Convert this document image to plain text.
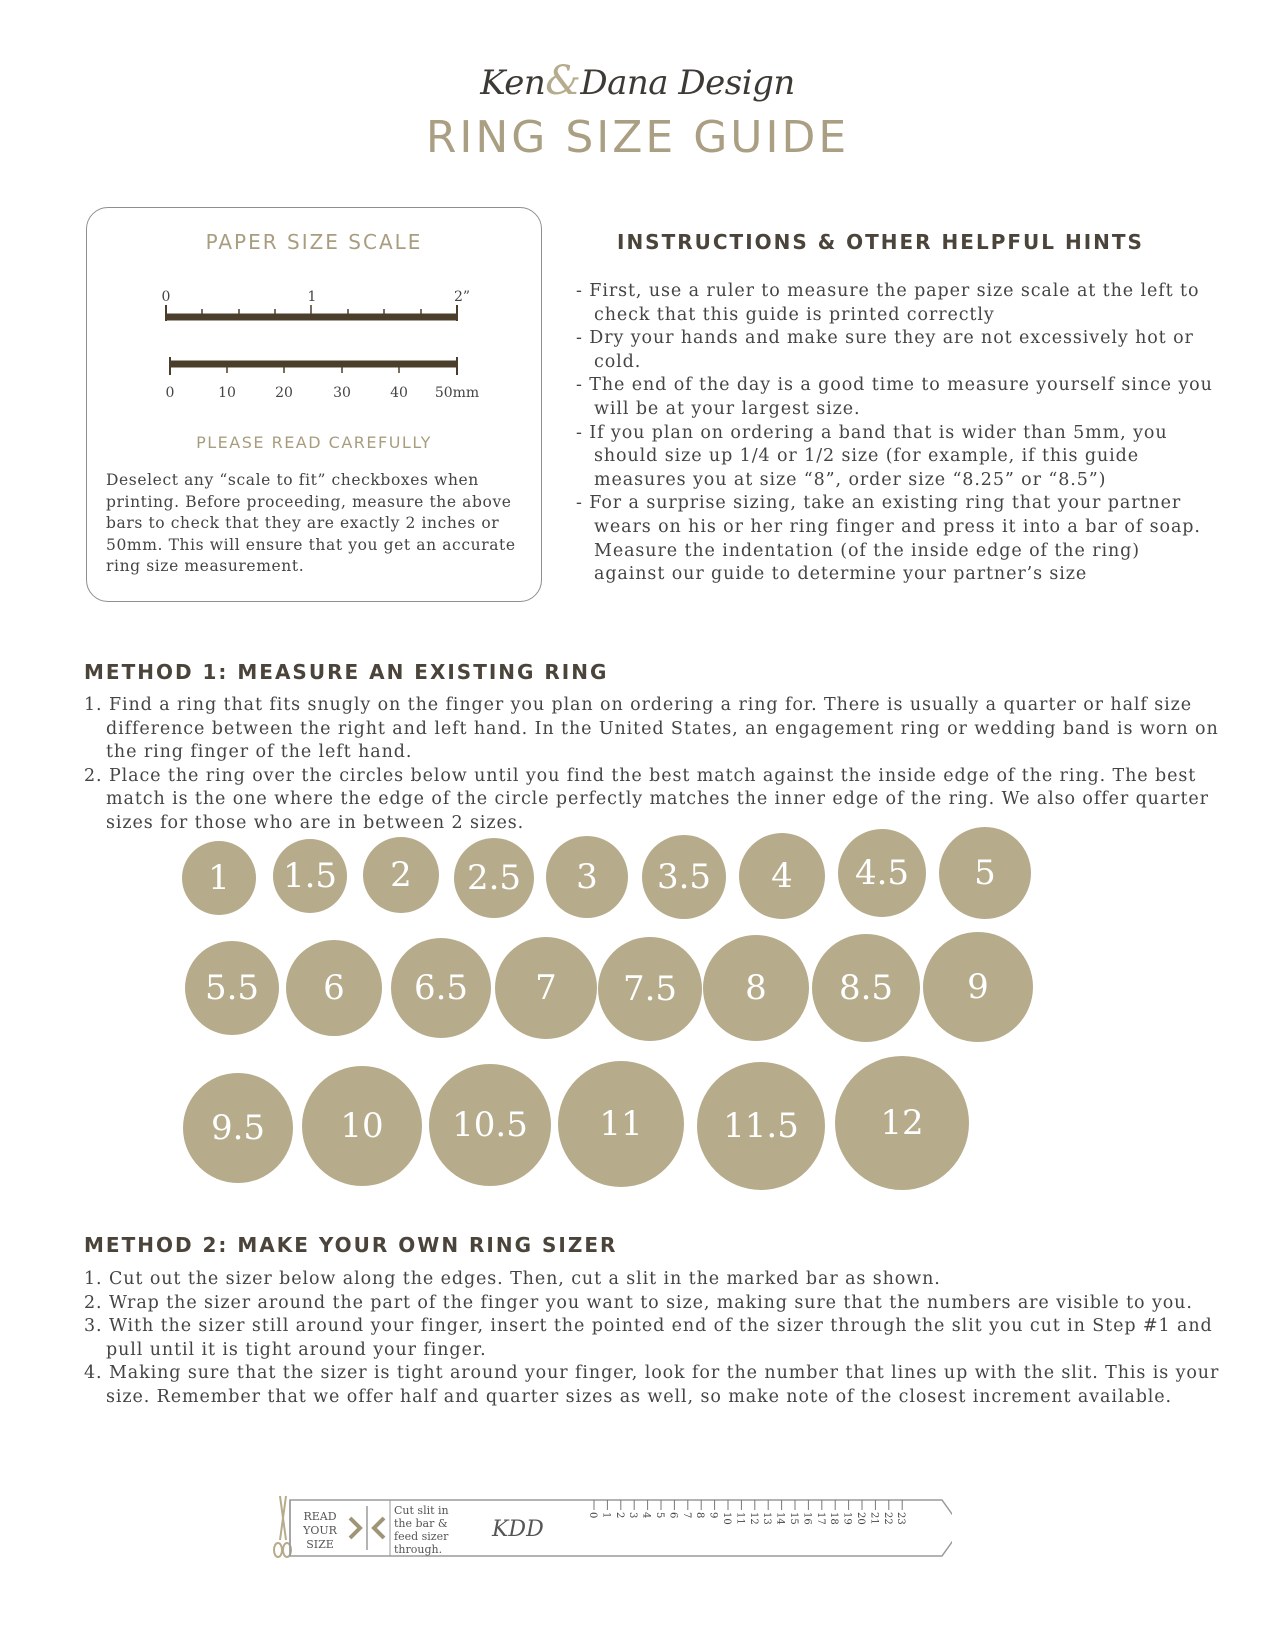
Ken&Dana Design
RING SIZE GUIDE
PAPER SIZE SCALE
0	1	2”
0	10	20	30	40 50mm
PLEASE READ CAREFULLY
Deselect any “scale to fit” checkboxes when printing. Before proceeding, measure the above bars to check that they are exactly 2 inches or 50mm. This will ensure that you get an accurate ring size measurement.
INSTRUCTIONS & OTHER HELPFUL HINTS
- First, use a ruler to measure the paper size scale at the left to check that this guide is printed correctly
- Dry your hands and make sure they are not excessively hot or cold.
- The end of the day is a good time to measure yourself since you will be at your largest size.
- If you plan on ordering a band that is wider than 5mm, you should size up 1/4 or 1/2 size (for example, if this guide measures you at size “8”, order size “8.25” or “8.5”)
- For a surprise sizing, take an existing ring that your partner wears on his or her ring finger and press it into a bar of soap. Measure the indentation (of the inside edge of the ring) against our guide to determine your partner’s size
METHOD 1: MEASURE AN EXISTING RING
1. Find a ring that fits snugly on the finger you plan on ordering a ring for. There is usually a quarter or half size difference between the right and left hand. In the United States, an engagement ring or wedding band is worn on the ring finger of the left hand.
2. Place the ring over the circles below until you find the best match against the inside edge of the ring. The best match is the one where the edge of the circle perfectly matches the inner edge of the ring. We also offer quarter sizes for those who are in between 2 sizes.
1	1.5	2	2.5	3	3.5	4	4.5	5
5.5	6	6.5	7	7.5	8	8.5	9
9.5	10	10.5	11	11.5	12
METHOD 2: MAKE YOUR OWN RING SIZER
1. Cut out the sizer below along the edges. Then, cut a slit in the marked bar as shown.
2. Wrap the sizer around the part of the finger you want to size, making sure that the numbers are visible to you.
3. With the sizer still around your finger, insert the pointed end of the sizer through the slit you cut in Step #1 and pull until it is tight around your finger.
4. Making sure that the sizer is tight around your finger, look for the number that lines up with the slit. This is your size. Remember that we offer half and quarter sizes as well, so make note of the closest increment available.
READ
YOUR
SIZE
Cut slit in
the bar &
feed sizer
through.
KDD
0 1 2 3 4 5 6 7 8 9 10 11 12 13 14 15 16 17 18 19 20 21 22 23
